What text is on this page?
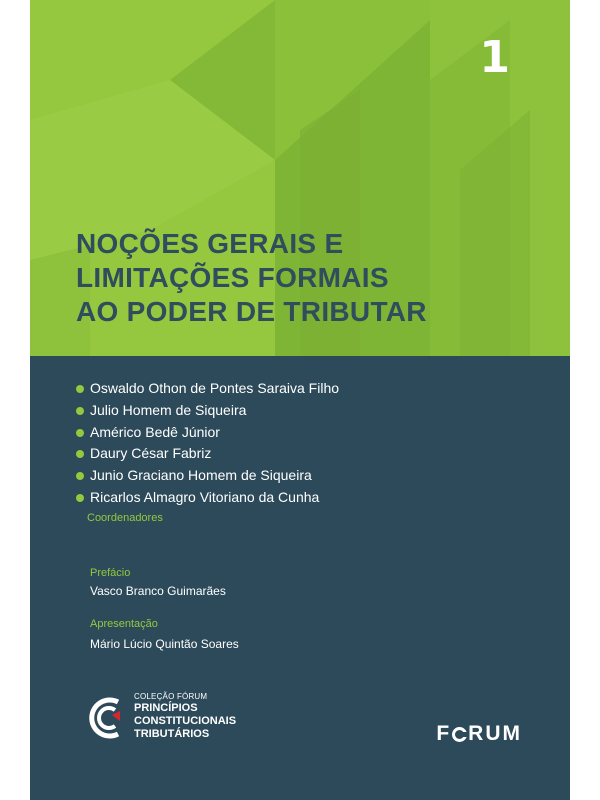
1
NOÇÕES GERAIS E
LIMITAÇÕES FORMAIS
AO PODER DE TRIBUTAR
Oswaldo Othon de Pontes Saraiva Filho
Julio Homem de Siqueira
Américo Bedê Júnior
Daury César Fabriz
Junio Graciano Homem de Siqueira
Ricarlos Almagro Vitoriano da Cunha
Coordenadores
Prefácio
Vasco Branco Guimarães
Apresentação
Mário Lúcio Quintão Soares
COLEÇÃO FÓRUM
PRINCÍPIOS
CONSTITUCIONAIS
TRIBUTÁRIOS	F RUM
